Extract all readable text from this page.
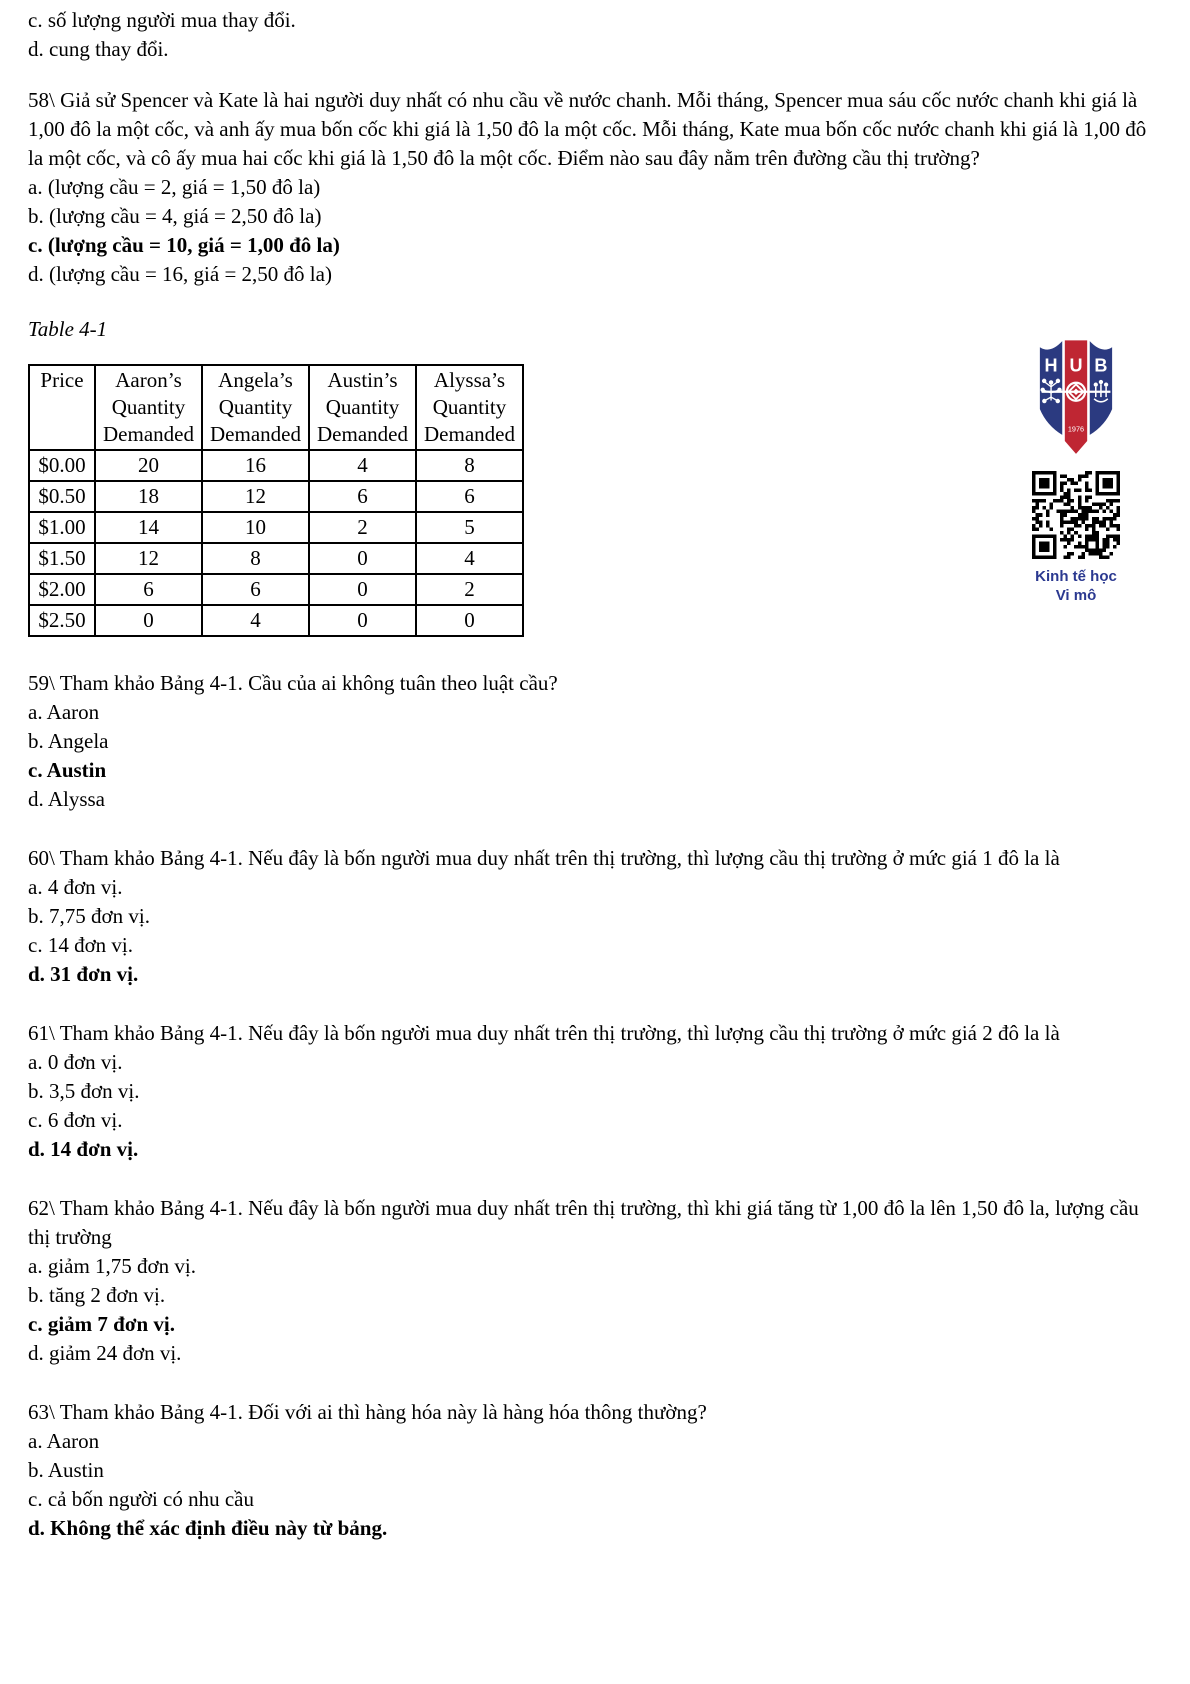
c. số lượng người mua thay đổi.

d. cung thay đổi.

58\ Giả sử Spencer và Kate là hai người duy nhất có nhu cầu về nước chanh. Mỗi tháng, Spencer mua sáu cốc nước chanh khi giá là 1,00 đô la một cốc, và anh ấy mua bốn cốc khi giá là 1,50 đô la một cốc. Mỗi tháng, Kate mua bốn cốc nước chanh khi giá là 1,00 đô la một cốc, và cô ấy mua hai cốc khi giá là 1,50 đô la một cốc. Điểm nào sau đây nằm trên đường cầu thị trường?

a. (lượng cầu = 2, giá = 1,50 đô la)

b. (lượng cầu = 4, giá = 2,50 đô la)

c. (lượng cầu = 10, giá = 1,00 đô la)

d. (lượng cầu = 16, giá = 2,50 đô la)

Table 4-1

Price	Aaron’s Quantity Demanded	Angela’s Quantity Demanded	Austin’s Quantity Demanded	Alyssa’s Quantity Demanded
$0.00	20	16	4	8
$0.50	18	12	6	6
$1.00	14	10	2	5
$1.50	12	8	0	4
$2.00	6	6	0	2
$2.50	0	4	0	0

59\ Tham khảo Bảng 4-1. Cầu của ai không tuân theo luật cầu?

a. Aaron

b. Angela

c. Austin

d. Alyssa

60\ Tham khảo Bảng 4-1. Nếu đây là bốn người mua duy nhất trên thị trường, thì lượng cầu thị trường ở mức giá 1 đô la là

a. 4 đơn vị.

b. 7,75 đơn vị.

c. 14 đơn vị.

d. 31 đơn vị.

61\ Tham khảo Bảng 4-1. Nếu đây là bốn người mua duy nhất trên thị trường, thì lượng cầu thị trường ở mức giá 2 đô la là

a. 0 đơn vị.

b. 3,5 đơn vị.

c. 6 đơn vị.

d. 14 đơn vị.

62\ Tham khảo Bảng 4-1. Nếu đây là bốn người mua duy nhất trên thị trường, thì khi giá tăng từ 1,00 đô la lên 1,50 đô la, lượng cầu thị trường

a. giảm 1,75 đơn vị.

b. tăng 2 đơn vị.

c. giảm 7 đơn vị.

d. giảm 24 đơn vị.

63\ Tham khảo Bảng 4-1. Đối với ai thì hàng hóa này là hàng hóa thông thường?

a. Aaron

b. Austin

c. cả bốn người có nhu cầu

d. Không thể xác định điều này từ bảng.

H U B
1976
Kinh tế học
Vi mô
